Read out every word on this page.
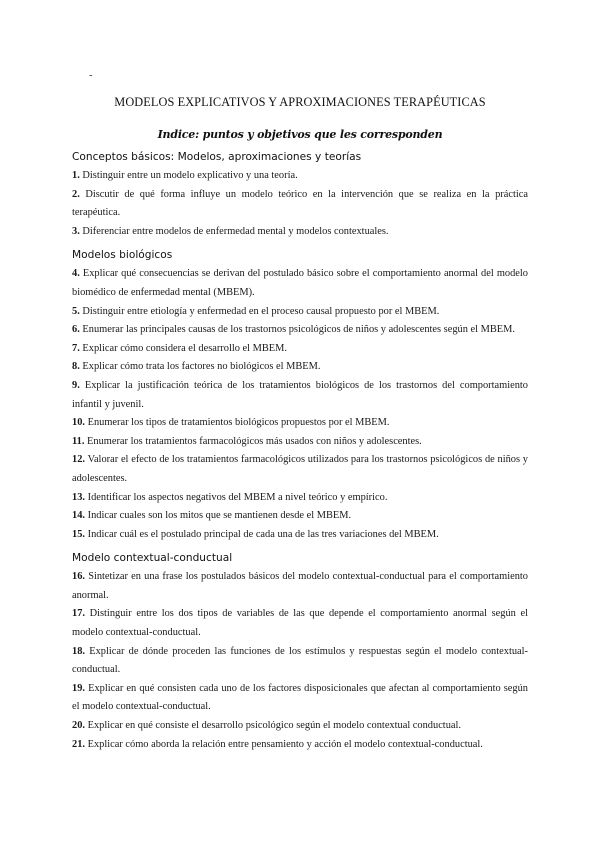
-
MODELOS EXPLICATIVOS Y APROXIMACIONES TERAPÉUTICAS
Indice: puntos y objetivos que les corresponden
Conceptos básicos: Modelos, aproximaciones y teorías

1. Distinguir entre un modelo explicativo y una teoría.

2. Discutir de qué forma influye un modelo teórico en la intervención que se realiza en la práctica terapéutica.

3. Diferenciar entre modelos de enfermedad mental y modelos contextuales.

Modelos biológicos

4. Explicar qué consecuencias se derivan del postulado básico sobre el comportamiento anormal del modelo biomédico de enfermedad mental (MBEM).

5. Distinguir entre etiología y enfermedad en el proceso causal propuesto por el MBEM.

6. Enumerar las principales causas de los trastornos psicológicos de niños y adolescentes según el MBEM.

7. Explicar cómo considera el desarrollo el MBEM.

8. Explicar cómo trata los factores no biológicos el MBEM.

9. Explicar la justificación teórica de los tratamientos biológicos de los trastornos del comportamiento infantil y juvenil.

10. Enumerar los tipos de tratamientos biológicos propuestos por el MBEM.

11. Enumerar los tratamientos farmacológicos más usados con niños y adolescentes.

12. Valorar el efecto de los tratamientos farmacológicos utilizados para los trastornos psicológicos de niños y adolescentes.

13. Identificar los aspectos negativos del MBEM a nivel teórico y empírico.

14. Indicar cuales son los mitos que se mantienen desde el MBEM.

15. Indicar cuál es el postulado principal de cada una de las tres variaciones del MBEM.

Modelo contextual-conductual

16. Sintetizar en una frase los postulados básicos del modelo contextual-conductual para el comportamiento anormal.

17. Distinguir entre los dos tipos de variables de las que depende el comportamiento anormal según el modelo contextual-conductual.

18. Explicar de dónde proceden las funciones de los estímulos y respuestas según el modelo contextual-conductual.

19. Explicar en qué consisten cada uno de los factores disposicionales que afectan al comportamiento según el modelo contextual-conductual.

20. Explicar en qué consiste el desarrollo psicológico según el modelo contextual conductual.

21. Explicar cómo aborda la relación entre pensamiento y acción el modelo contextual-conductual.
